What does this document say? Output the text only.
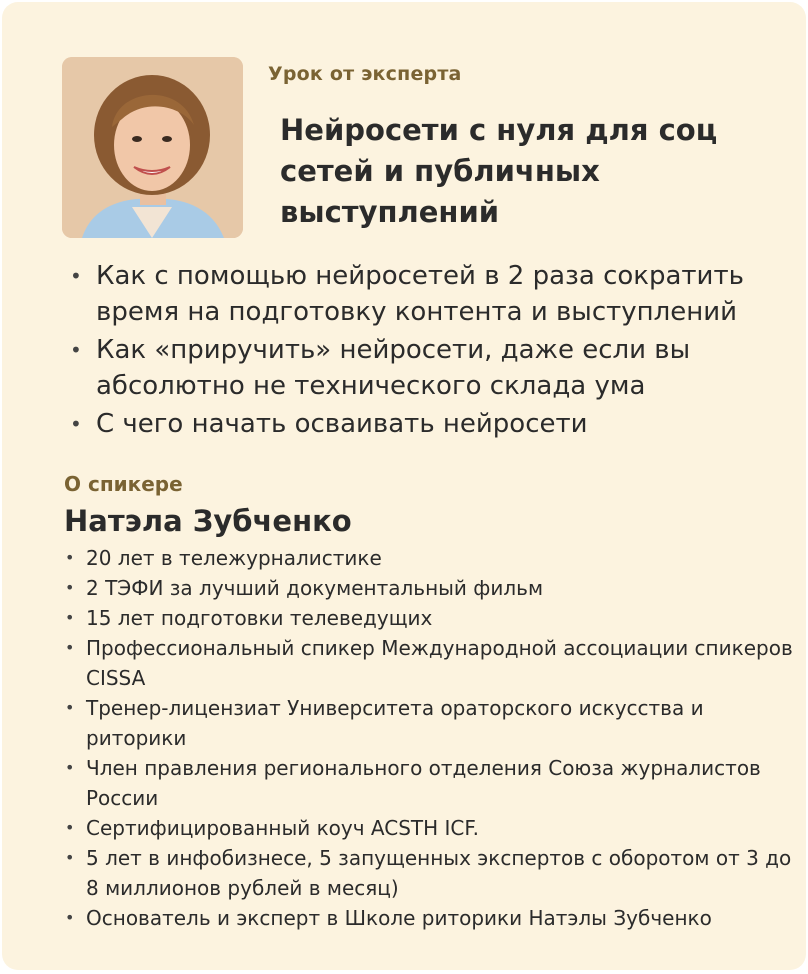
Урок от эксперта
Нейросети с нуля для соц сетей и публичных выступлений
• Как с помощью нейросетей в 2 раза сократить время на подготовку контента и выступлений
• Как «приручить» нейросети, даже если вы абсолютно не технического склада ума
• С чего начать осваивать нейросети
О спикере
Натэла Зубченко
• 20 лет в тележурналистике
• 2 ТЭФИ за лучший документальный фильм
• 15 лет подготовки телеведущих
• Профессиональный спикер Международной ассоциации спикеров CISSA
• Тренер-лицензиат Университета ораторского искусства и риторики
• Член правления регионального отделения Союза журналистов России
• Сертифицированный коуч ACSTH ICF.
• 5 лет в инфобизнесе, 5 запущенных экспертов с оборотом от 3 до 8 миллионов рублей в месяц)
• Основатель и эксперт в Школе риторики Натэлы Зубченко
